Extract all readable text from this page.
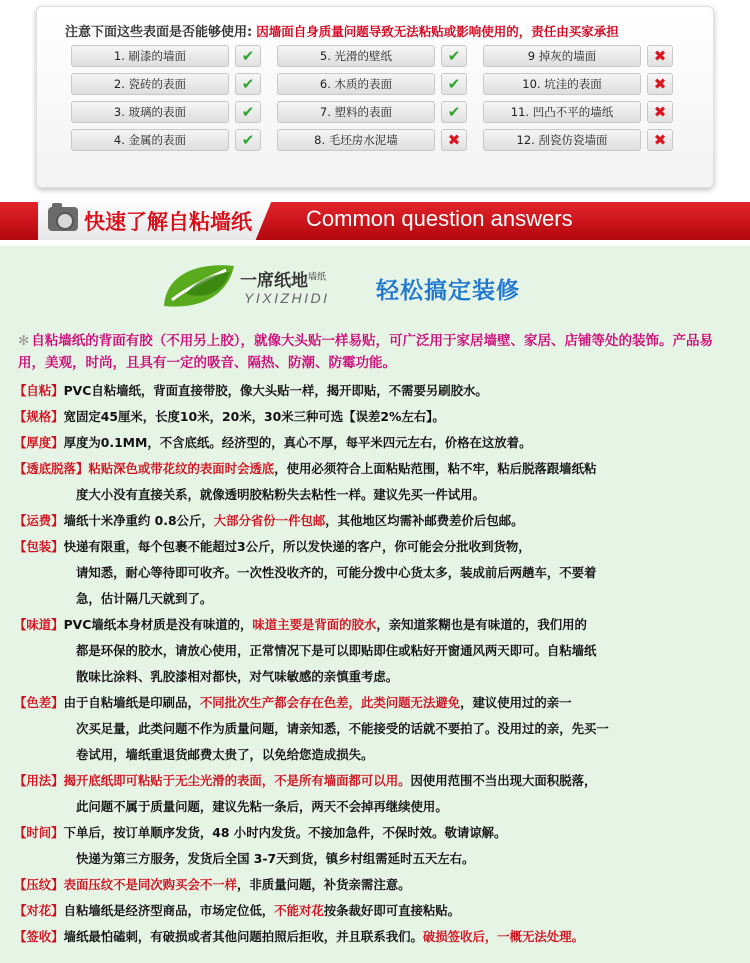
注意下面这些表面是否能够使用: 因墙面自身质量问题导致无法粘贴或影响使用的，责任由买家承担
1. 刷漆的墙面	✔
2. 瓷砖的表面	✔
3. 玻璃的表面	✔
4. 金属的表面	✔
5. 光滑的壁纸	✔
6. 木质的表面	✔
7. 塑料的表面	✔
8. 毛坯房水泥墙	✖
9 掉灰的墙面	✖
10. 坑洼的表面	✖
11. 凹凸不平的墙纸	✖
12. 刮瓷仿瓷墙面	✖
快速了解自粘墙纸 Common question answers
一席纸地$^{墙纸}$
YIXIZHIDI 轻松搞定装修
✻ 自粘墙纸的背面有胶（不用另上胶），就像大头贴一样易贴，可广泛用于家居墙壁、家居、店铺等处的装饰。产品易用，美观，时尚，且具有一定的吸音、隔热、防潮、防霉功能。
【自粘】PVC自粘墙纸，背面直接带胶，像大头贴一样，揭开即贴，不需要另刷胶水。
【规格】宽固定45厘米，长度10米，20米，30米三种可选【误差2%左右】。
【厚度】厚度为0.1MM，不含底纸。经济型的，真心不厚，每平米四元左右，价格在这放着。
【透底脱落】粘贴深色或带花纹的表面时会透底，使用必须符合上面粘贴范围，粘不牢，粘后脱落跟墙纸粘
度大小没有直接关系，就像透明胶粘粉失去粘性一样。建议先买一件试用。
【运费】墙纸十米净重约 0.8公斤，大部分省份一件包邮，其他地区均需补邮费差价后包邮。
【包装】快递有限重，每个包裹不能超过3公斤，所以发快递的客户，你可能会分批收到货物，
请知悉，耐心等待即可收齐。一次性没收齐的，可能分拨中心货太多，装成前后两趟车，不要着
急，估计隔几天就到了。
【味道】PVC墙纸本身材质是没有味道的，味道主要是背面的胶水，亲知道浆糊也是有味道的，我们用的
都是环保的胶水，请放心使用，正常情况下是可以即贴即住或粘好开窗通风两天即可。自粘墙纸
散味比涂料、乳胶漆相对都快，对气味敏感的亲慎重考虑。
【色差】由于自粘墙纸是印刷品，不同批次生产都会存在色差，此类问题无法避免，建议使用过的亲一
次买足量，此类问题不作为质量问题，请亲知悉，不能接受的话就不要拍了。没用过的亲，先买一
卷试用，墙纸重退货邮费太贵了，以免给您造成损失。
【用法】揭开底纸即可粘贴于无尘光滑的表面，不是所有墙面都可以用。因使用范围不当出现大面积脱落，
此问题不属于质量问题，建议先粘一条后，两天不会掉再继续使用。
【时间】下单后，按订单顺序发货，48 小时内发货。不接加急件，不保时效。敬请谅解。
快递为第三方服务，发货后全国 3-7天到货，镇乡村组需延时五天左右。
【压纹】表面压纹不是同次购买会不一样，非质量问题，补货亲需注意。
【对花】自粘墙纸是经济型商品，市场定位低，不能对花按条裁好即可直接粘贴。
【签收】墙纸最怕磕刺，有破损或者其他问题拍照后拒收，并且联系我们。破损签收后，一概无法处理。
